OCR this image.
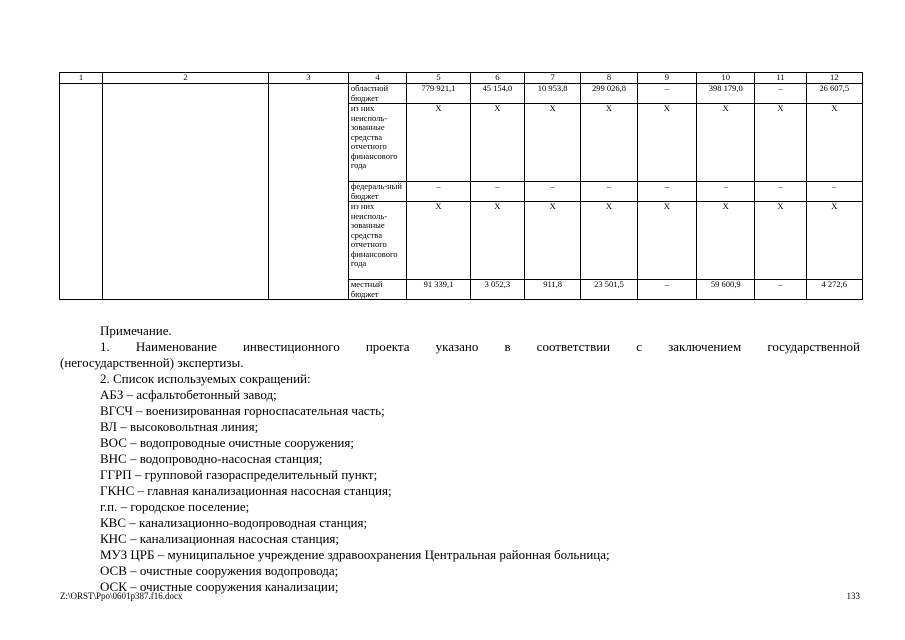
1	2	3	4	5	6	7	8	9	10	11	12
			областной бюджет	779 921,1	45 154,0	10 953,8	299 026,8	–	398 179,0	–	26 607,5
			из них неисполь-зованные средства отчетного финансового года	X	X	X	X	X	X	X	X
			федераль-ный бюджет	–	–	–	–	–	–	–	–
			из них неисполь-зованные средства отчетного финансового года	X	X	X	X	X	X	X	X
			местный бюджет	91 339,1	3 052,3	911,8	23 501,5	–	59 600,9	–	4 272,6

Примечание.

1. Наименование инвестиционного проекта указано в соответствии с заключением государственной

(негосударственной) экспертизы.

2. Список используемых сокращений:

АБЗ – асфальтобетонный завод;

ВГСЧ – военизированная горноспасательная часть;

ВЛ – высоковольтная линия;

ВОС – водопроводные очистные сооружения;

ВНС – водопроводно-насосная станция;

ГГРП – групповой газораспределительный пункт;

ГКНС – главная канализационная насосная станция;

г.п. – городское поселение;

КВС – канализационно-водопроводная станция;

КНС – канализационная насосная станция;

МУЗ ЦРБ – муниципальное учреждение здравоохранения Центральная районная больница;

ОСВ – очистные сооружения водопровода;

ОСК – очистные сооружения канализации;

Z:\ORST\Ppo\0601p387.f16.docx	133
